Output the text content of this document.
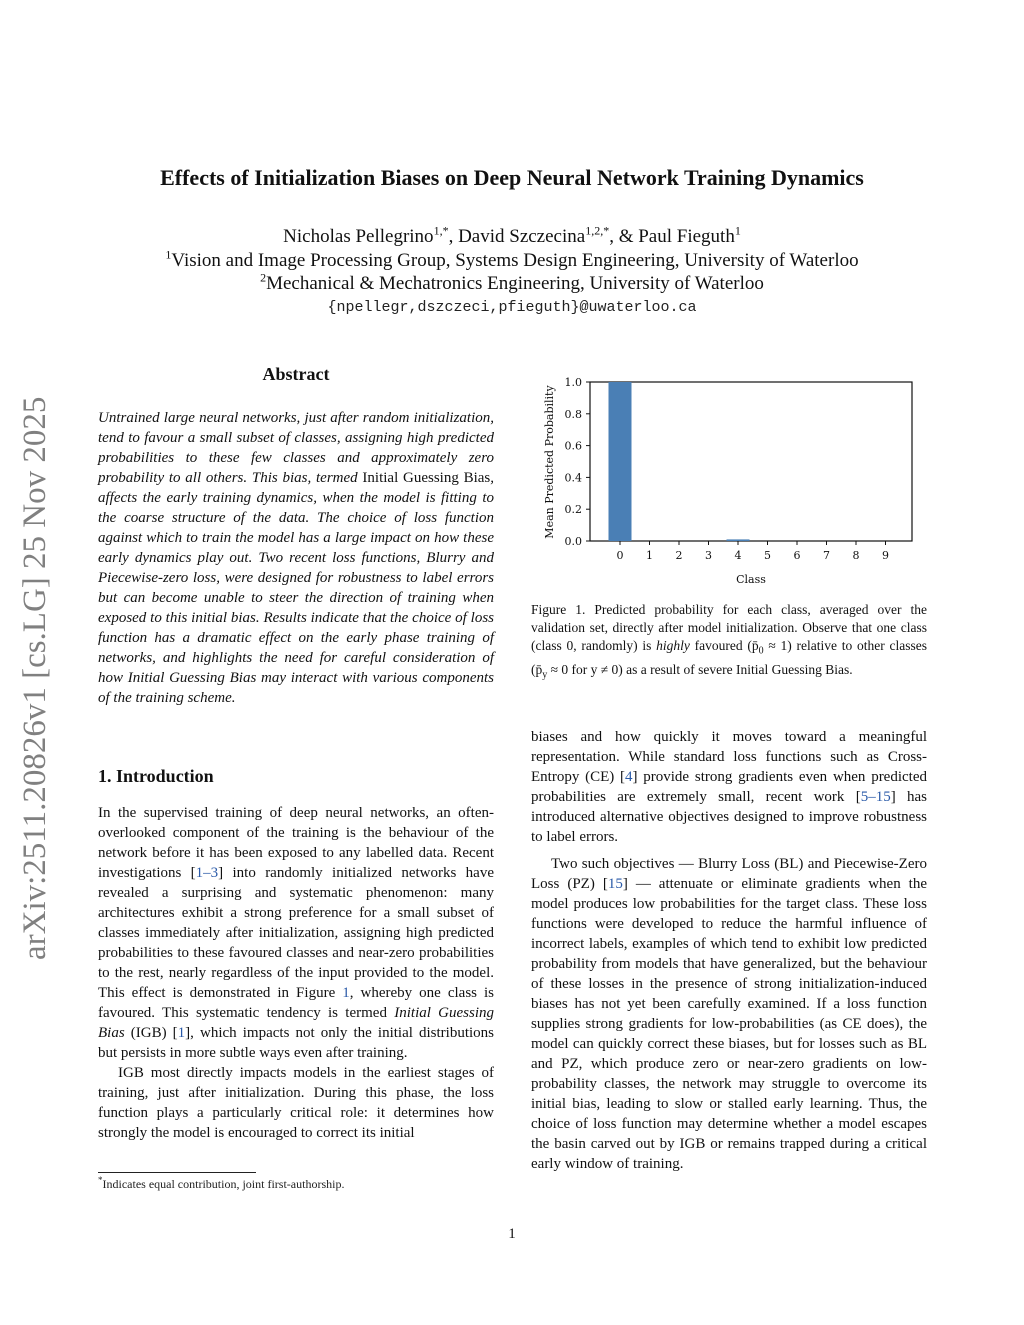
arXiv:2511.20826v1 [cs.LG] 25 Nov 2025
Effects of Initialization Biases on Deep Neural Network Training Dynamics
Nicholas Pellegrino$^{1,*}$, David Szczecina$^{1,2,*}$, & Paul Fieguth$^1$
$^1$Vision and Image Processing Group, Systems Design Engineering, University of Waterloo
$^2$Mechanical & Mechatronics Engineering, University of Waterloo
{npellegr,dszczeci,pfieguth}@uwaterloo.ca
Abstract
Untrained large neural networks, just after random initialization, tend to favour a small subset of classes, assigning high predicted probabilities to these few classes and approximately zero probability to all others. This bias, termed Initial Guessing Bias, affects the early training dynamics, when the model is fitting to the coarse structure of the data. The choice of loss function against which to train the model has a large impact on how these early dynamics play out. Two recent loss functions, Blurry and Piecewise-zero loss, were designed for robustness to label errors but can become unable to steer the direction of training when exposed to this initial bias. Results indicate that the choice of loss function has a dramatic effect on the early phase training of networks, and highlights the need for careful consideration of how Initial Guessing Bias may interact with various components of the training scheme.
1. Introduction

In the supervised training of deep neural networks, an often-overlooked component of the training is the behaviour of the network before it has been exposed to any labelled data. Recent investigations [1–3] into randomly initialized networks have revealed a surprising and systematic phenomenon: many architectures exhibit a strong preference for a small subset of classes immediately after initialization, assigning high predicted probabilities to these favoured classes and near-zero probabilities to the rest, nearly regardless of the input provided to the model. This effect is demonstrated in Figure 1, whereby one class is favoured. This systematic tendency is termed Initial Guessing Bias (IGB) [1], which impacts not only the initial distributions but persists in more subtle ways even after training.

IGB most directly impacts models in the earliest stages of training, just after initialization. During this phase, the loss function plays a particularly critical role: it determines how strongly the model is encouraged to correct its initial

*Indicates equal contribution, joint first-authorship.
0.0
0.2
0.4
0.6
0.8
1.0
0 1 2 3 4 5 6 7 8 9
Class
Mean Predicted Probability
Figure 1. Predicted probability for each class, averaged over the validation set, directly after model initialization. Observe that one class (class 0, randomly) is highly favoured $(p̄_0 \approx 1)$ relative to other classes ($p̄_y \approx 0$ for y ≠ 0) as a result of severe Initial Guessing Bias.

biases and how quickly it moves toward a meaningful representation. While standard loss functions such as Cross-Entropy (CE) [4] provide strong gradients even when predicted probabilities are extremely small, recent work [5–15] has introduced alternative objectives designed to improve robustness to label errors.

Two such objectives — Blurry Loss (BL) and Piecewise-Zero Loss (PZ) [15] — attenuate or eliminate gradients when the model produces low probabilities for the target class. These loss functions were developed to reduce the harmful influence of incorrect labels, examples of which tend to exhibit low predicted probability from models that have generalized, but the behaviour of these losses in the presence of strong initialization-induced biases has not yet been carefully examined. If a loss function supplies strong gradients for low-probabilities (as CE does), the model can quickly correct these biases, but for losses such as BL and PZ, which produce zero or near-zero gradients on low-probability classes, the network may struggle to overcome its initial bias, leading to slow or stalled early learning. Thus, the choice of loss function may determine whether a model escapes the basin carved out by IGB or remains trapped during a critical early window of training.

1
